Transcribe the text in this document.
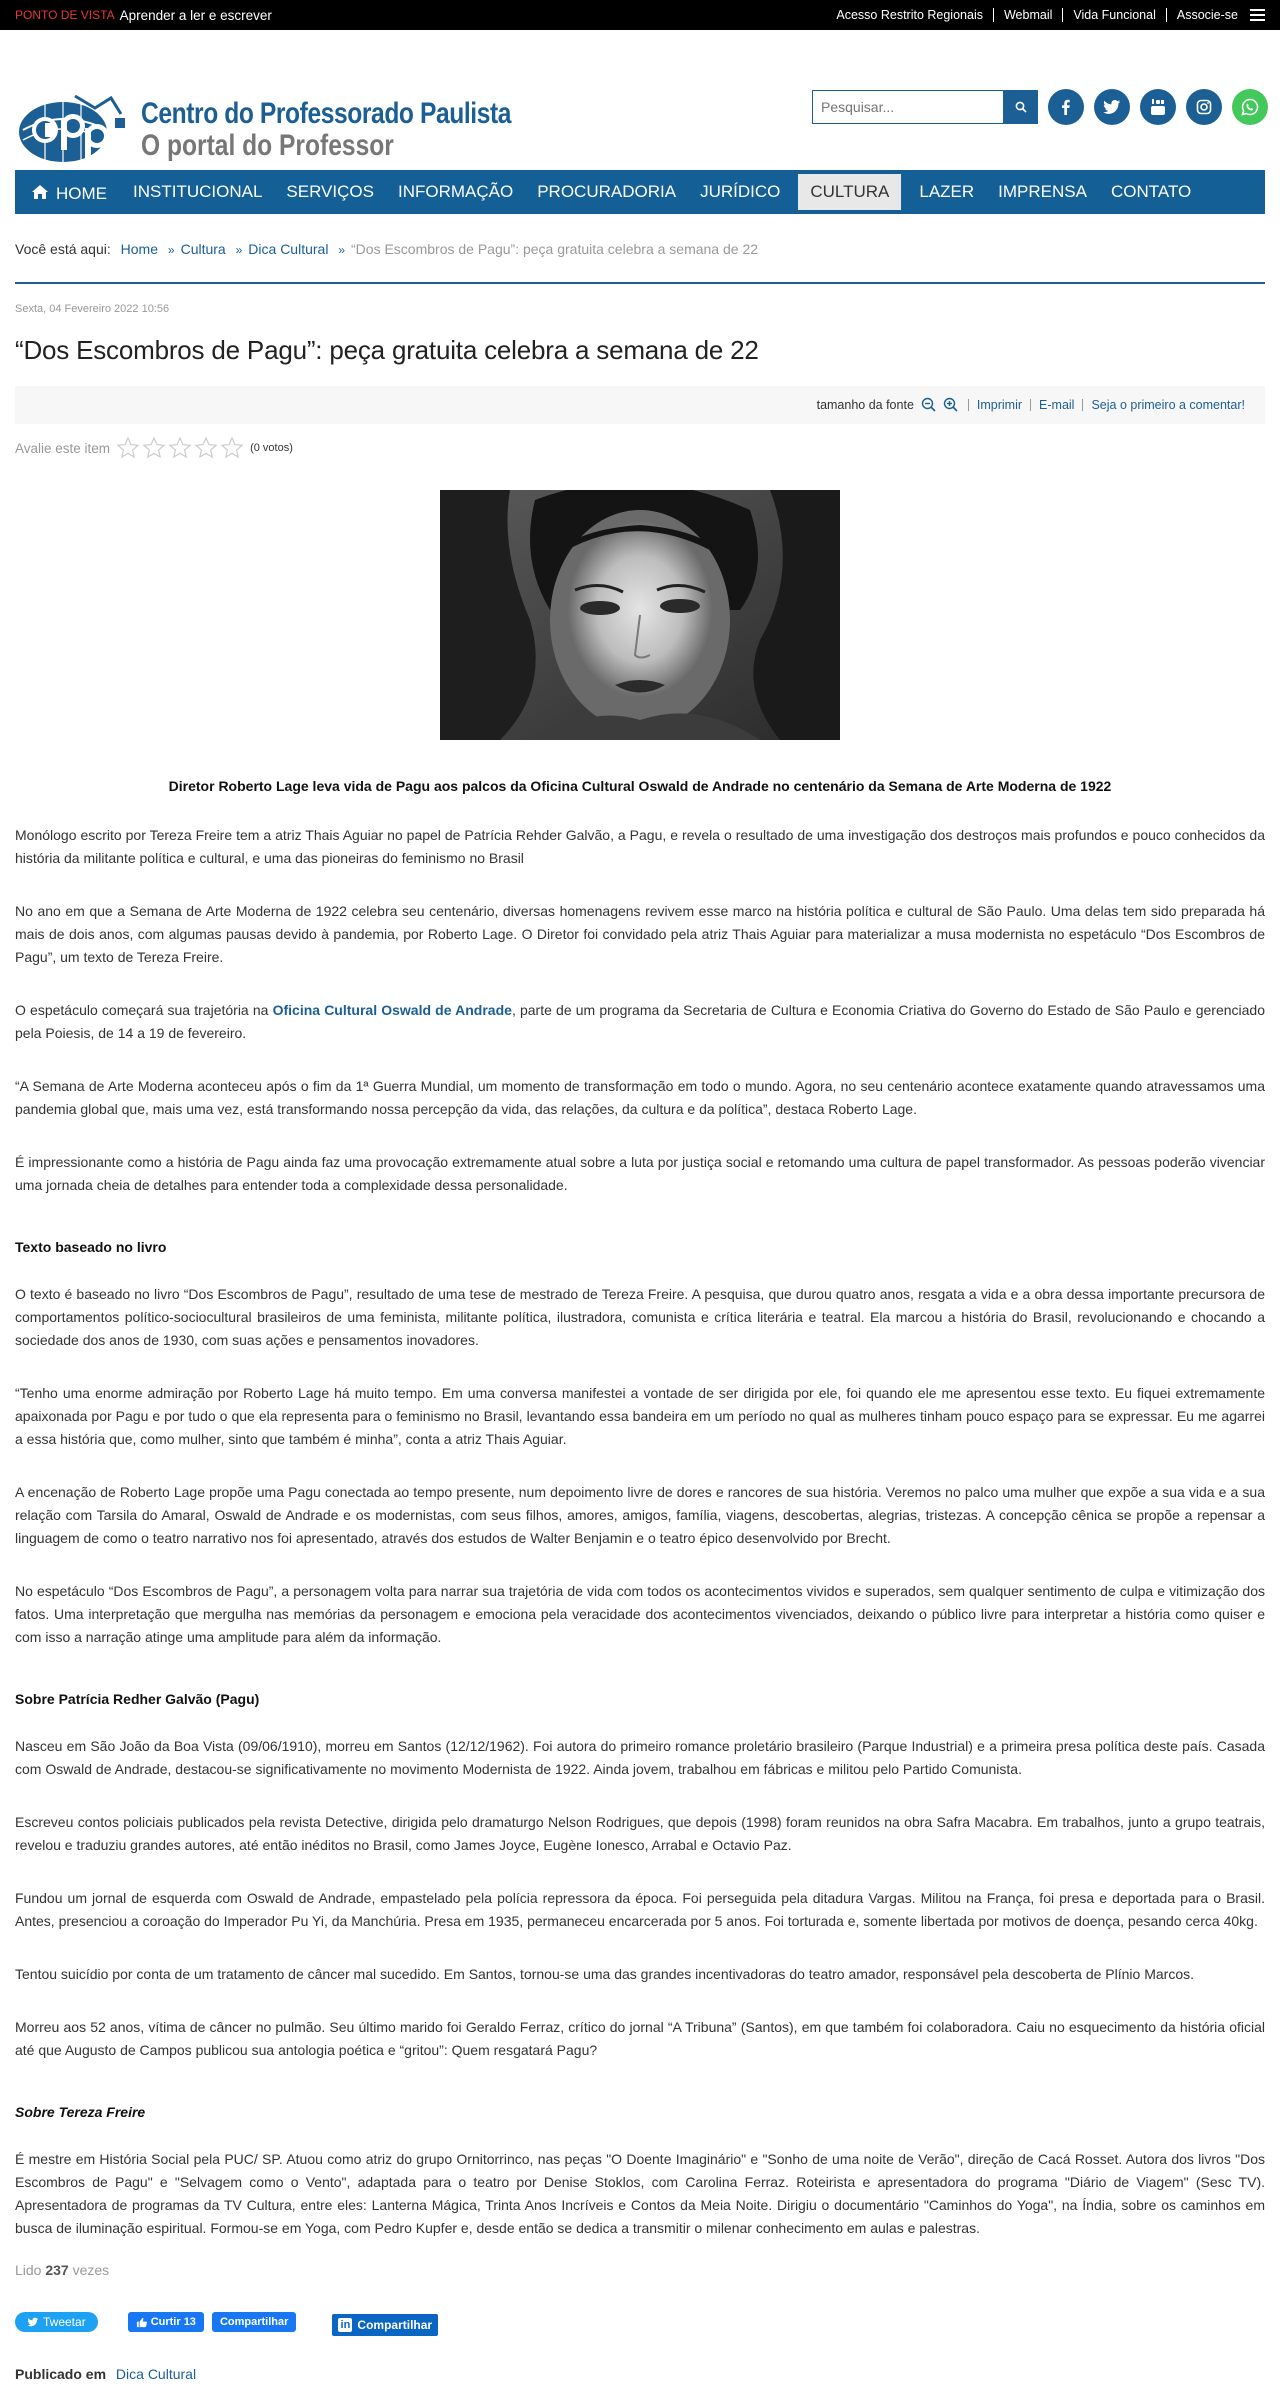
PONTO DE VISTA Aprender a ler e escrever	Acesso Restrito Regionais	Webmail	Vida Funcional	Associe-se
Centro do Professorado Paulista
O portal do Professor
Pesquisar...
HOME	INSTITUCIONAL	SERVIÇOS	INFORMAÇÃO	PROCURADORIA	JURÍDICO	CULTURA	LAZER	IMPRENSA	CONTATO
Você está aqui: Home » Cultura » Dica Cultural » “Dos Escombros de Pagu”: peça gratuita celebra a semana de 22
Sexta, 04 Fevereiro 2022 10:56
“Dos Escombros de Pagu”: peça gratuita celebra a semana de 22
tamanho da fonte	Imprimir	E-mail	Seja o primeiro a comentar!
Avalie este item	(0 votos)

Diretor Roberto Lage leva vida de Pagu aos palcos da Oficina Cultural Oswald de Andrade no centenário da Semana de Arte Moderna de 1922

Monólogo escrito por Tereza Freire tem a atriz Thais Aguiar no papel de Patrícia Rehder Galvão, a Pagu, e revela o resultado de uma investigação dos destroços mais profundos e pouco conhecidos da história da militante política e cultural, e uma das pioneiras do feminismo no Brasil

No ano em que a Semana de Arte Moderna de 1922 celebra seu centenário, diversas homenagens revivem esse marco na história política e cultural de São Paulo. Uma delas tem sido preparada há mais de dois anos, com algumas pausas devido à pandemia, por Roberto Lage. O Diretor foi convidado pela atriz Thais Aguiar para materializar a musa modernista no espetáculo “Dos Escombros de Pagu”, um texto de Tereza Freire.

O espetáculo começará sua trajetória na Oficina Cultural Oswald de Andrade, parte de um programa da Secretaria de Cultura e Economia Criativa do Governo do Estado de São Paulo e gerenciado pela Poiesis, de 14 a 19 de fevereiro.

“A Semana de Arte Moderna aconteceu após o fim da 1ª Guerra Mundial, um momento de transformação em todo o mundo. Agora, no seu centenário acontece exatamente quando atravessamos uma pandemia global que, mais uma vez, está transformando nossa percepção da vida, das relações, da cultura e da política”, destaca Roberto Lage.

É impressionante como a história de Pagu ainda faz uma provocação extremamente atual sobre a luta por justiça social e retomando uma cultura de papel transformador. As pessoas poderão vivenciar uma jornada cheia de detalhes para entender toda a complexidade dessa personalidade.

Texto baseado no livro

O texto é baseado no livro “Dos Escombros de Pagu”, resultado de uma tese de mestrado de Tereza Freire. A pesquisa, que durou quatro anos, resgata a vida e a obra dessa importante precursora de comportamentos político-sociocultural brasileiros de uma feminista, militante política, ilustradora, comunista e crítica literária e teatral. Ela marcou a história do Brasil, revolucionando e chocando a sociedade dos anos de 1930, com suas ações e pensamentos inovadores.

“Tenho uma enorme admiração por Roberto Lage há muito tempo. Em uma conversa manifestei a vontade de ser dirigida por ele, foi quando ele me apresentou esse texto. Eu fiquei extremamente apaixonada por Pagu e por tudo o que ela representa para o feminismo no Brasil, levantando essa bandeira em um período no qual as mulheres tinham pouco espaço para se expressar. Eu me agarrei a essa história que, como mulher, sinto que também é minha”, conta a atriz Thais Aguiar.

A encenação de Roberto Lage propõe uma Pagu conectada ao tempo presente, num depoimento livre de dores e rancores de sua história. Veremos no palco uma mulher que expõe a sua vida e a sua relação com Tarsila do Amaral, Oswald de Andrade e os modernistas, com seus filhos, amores, amigos, família, viagens, descobertas, alegrias, tristezas. A concepção cênica se propõe a repensar a linguagem de como o teatro narrativo nos foi apresentado, através dos estudos de Walter Benjamin e o teatro épico desenvolvido por Brecht.

No espetáculo “Dos Escombros de Pagu”, a personagem volta para narrar sua trajetória de vida com todos os acontecimentos vividos e superados, sem qualquer sentimento de culpa e vitimização dos fatos. Uma interpretação que mergulha nas memórias da personagem e emociona pela veracidade dos acontecimentos vivenciados, deixando o público livre para interpretar a história como quiser e com isso a narração atinge uma amplitude para além da informação.

Sobre Patrícia Redher Galvão (Pagu)

Nasceu em São João da Boa Vista (09/06/1910), morreu em Santos (12/12/1962). Foi autora do primeiro romance proletário brasileiro (Parque Industrial) e a primeira presa política deste país. Casada com Oswald de Andrade, destacou-se significativamente no movimento Modernista de 1922. Ainda jovem, trabalhou em fábricas e militou pelo Partido Comunista.

Escreveu contos policiais publicados pela revista Detective, dirigida pelo dramaturgo Nelson Rodrigues, que depois (1998) foram reunidos na obra Safra Macabra. Em trabalhos, junto a grupo teatrais, revelou e traduziu grandes autores, até então inéditos no Brasil, como James Joyce, Eugène Ionesco, Arrabal e Octavio Paz.

Fundou um jornal de esquerda com Oswald de Andrade, empastelado pela polícia repressora da época. Foi perseguida pela ditadura Vargas. Militou na França, foi presa e deportada para o Brasil. Antes, presenciou a coroação do Imperador Pu Yi, da Manchúria. Presa em 1935, permaneceu encarcerada por 5 anos. Foi torturada e, somente libertada por motivos de doença, pesando cerca 40kg.

Tentou suicídio por conta de um tratamento de câncer mal sucedido. Em Santos, tornou-se uma das grandes incentivadoras do teatro amador, responsável pela descoberta de Plínio Marcos.

Morreu aos 52 anos, vítima de câncer no pulmão. Seu último marido foi Geraldo Ferraz, crítico do jornal “A Tribuna” (Santos), em que também foi colaboradora. Caiu no esquecimento da história oficial até que Augusto de Campos publicou sua antologia poética e “gritou”: Quem resgatará Pagu?

Sobre Tereza Freire

É mestre em História Social pela PUC/ SP. Atuou como atriz do grupo Ornitorrinco, nas peças "O Doente Imaginário" e "Sonho de uma noite de Verão", direção de Cacá Rosset. Autora dos livros "Dos Escombros de Pagu" e "Selvagem como o Vento", adaptada para o teatro por Denise Stoklos, com Carolina Ferraz. Roteirista e apresentadora do programa "Diário de Viagem" (Sesc TV). Apresentadora de programas da TV Cultura, entre eles: Lanterna Mágica, Trinta Anos Incríveis e Contos da Meia Noite. Dirigiu o documentário "Caminhos do Yoga", na Índia, sobre os caminhos em busca de iluminação espiritual. Formou-se em Yoga, com Pedro Kupfer e, desde então se dedica a transmitir o milenar conhecimento em aulas e palestras.

Lido 237 vezes
Tweetar	Curtir 13	Compartilhar	in Compartilhar
Publicado em Dica Cultural
